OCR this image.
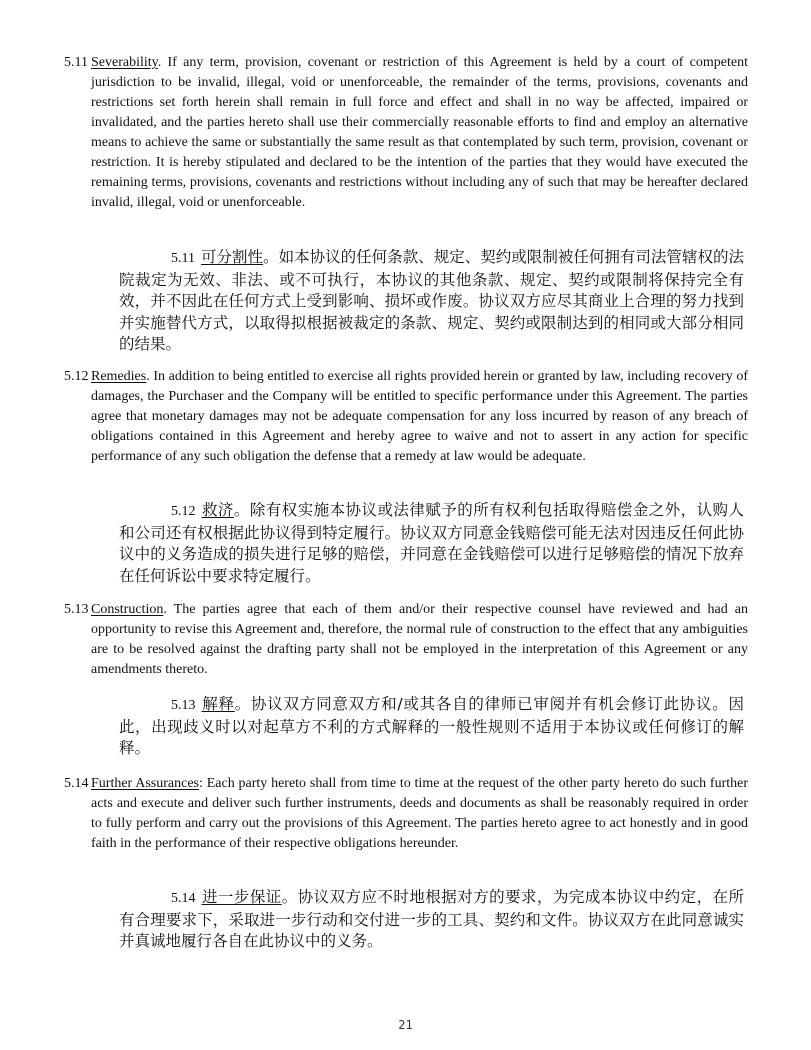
5.11 Severability. If any term, provision, covenant or restriction of this Agreement is held by a court of competent jurisdiction to be invalid, illegal, void or unenforceable, the remainder of the terms, provisions, covenants and restrictions set forth herein shall remain in full force and effect and shall in no way be affected, impaired or invalidated, and the parties hereto shall use their commercially reasonable efforts to find and employ an alternative means to achieve the same or substantially the same result as that contemplated by such term, provision, covenant or restriction. It is hereby stipulated and declared to be the intention of the parties that they would have executed the remaining terms, provisions, covenants and restrictions without including any of such that may be hereafter declared invalid, illegal, void or unenforceable.

5.11 可分割性。如本协议的任何条款、规定、契约或限制被任何拥有司法管辖权的法院裁定为无效、非法、或不可执行，本协议的其他条款、规定、契约或限制将保持完全有效，并不因此在任何方式上受到影响、损坏或作废。协议双方应尽其商业上合理的努力找到并实施替代方式，以取得拟根据被裁定的条款、规定、契约或限制达到的相同或大部分相同的结果。

5.12 Remedies. In addition to being entitled to exercise all rights provided herein or granted by law, including recovery of damages, the Purchaser and the Company will be entitled to specific performance under this Agreement. The parties agree that monetary damages may not be adequate compensation for any loss incurred by reason of any breach of obligations contained in this Agreement and hereby agree to waive and not to assert in any action for specific performance of any such obligation the defense that a remedy at law would be adequate.

5.12 救济。除有权实施本协议或法律赋予的所有权利包括取得赔偿金之外，认购人和公司还有权根据此协议得到特定履行。协议双方同意金钱赔偿可能无法对因违反任何此协议中的义务造成的损失进行足够的赔偿，并同意在金钱赔偿可以进行足够赔偿的情况下放弃在任何诉讼中要求特定履行。

5.13 Construction. The parties agree that each of them and/or their respective counsel have reviewed and had an opportunity to revise this Agreement and, therefore, the normal rule of construction to the effect that any ambiguities are to be resolved against the drafting party shall not be employed in the interpretation of this Agreement or any amendments thereto.

5.13 解释。协议双方同意双方和/或其各自的律师已审阅并有机会修订此协议。因此，出现歧义时以对起草方不利的方式解释的一般性规则不适用于本协议或任何修订的解释。

5.14 Further Assurances: Each party hereto shall from time to time at the request of the other party hereto do such further acts and execute and deliver such further instruments, deeds and documents as shall be reasonably required in order to fully perform and carry out the provisions of this Agreement. The parties hereto agree to act honestly and in good faith in the performance of their respective obligations hereunder.

5.14 进一步保证。协议双方应不时地根据对方的要求，为完成本协议中约定，在所有合理要求下，采取进一步行动和交付进一步的工具、契约和文件。协议双方在此同意诚实并真诚地履行各自在此协议中的义务。

21
